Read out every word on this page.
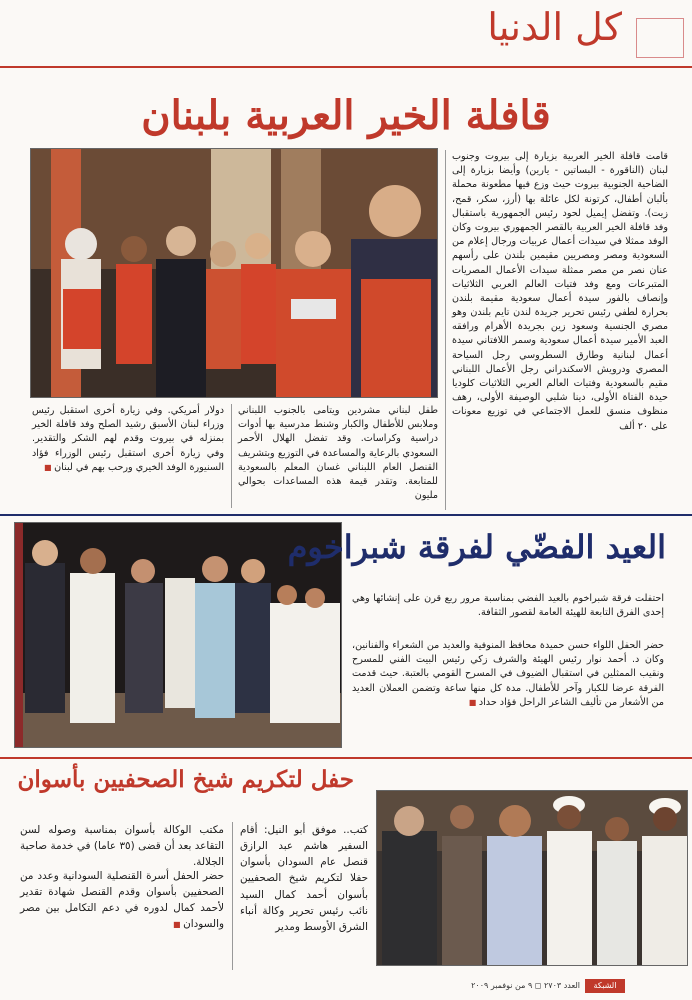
كل الدنيا
قافلة الخير العربية بلبنان
قامت قافلة الخير العربية بزيارة إلى بيروت وجنوب لبنان (الناقورة - البساتين - يارين) وأيضا بزيارة إلى الضاحية الجنوبية بيروت حيث وزع فيها مطعونة محملة بألبان أطفال، كرتونة لكل عائلة بها (أرز، سكر، قمح، زيت). وتفضل إيميل لحود رئيس الجمهورية باستقبال وفد قافلة الخير العربية بالقصر الجمهوري بيروت وكان الوفد ممثلا في سيدات أعمال عربيات ورجال إعلام من السعودية ومصر ومصريين مقيمين بلندن على رأسهم عنان نصر من مصر ممثلة سيدات الأعمال المصريات المتبرعات ومع وفد فتيات العالم العربي الثلاثيات وإنصاف بالفور سيدة أعمال سعودية مقيمة بلندن بحرارة لطفي رئيس تحرير جريدة لندن تايم بلندن وهو مصري الجنسية وسعود زين بجريدة الأهرام ورافقه العبد الأمير سيدة أعمال سعودية وسمر اللافتاني سيدة أعمال لبنانية وطارق السطروسي رجل السياحة المصري ودرويش الاسكندراني رجل الأعمال اللبناني مقيم بالسعودية وفتيات العالم العربي الثلاثيات كلوديا حيدة الفتاة الأولى، دينا شلبي الوصيفة الأولى، رهف منظوف منسق للعمل الاجتماعي في توزيع معونات على ٢٠ ألف
طفل لبناني مشردين ويتامى بالجنوب اللبناني وملابس للأطفال والكبار وشنط مدرسية بها أدوات دراسية وكراسات. وقد تفضل الهلال الأحمر السعودي بالرعاية والمساعدة في التوزيع وبتشريف القنصل العام اللبناني غسان المعلم بالسعودية للمتابعة. وتقدر قيمة هذه المساعدات بحوالي مليون
دولار أمريكي. وفي زيارة أخرى استقبل رئيس وزراء لبنان الأسبق رشيد الصلح وفد قافلة الخير بمنزله في بيروت وقدم لهم الشكر والتقدير. وفي زيارة أخرى استقبل رئيس الوزراء فؤاد السنيورة الوفد الخيري ورحب بهم في لبنان ■
العيد الفضّي لفرقة شبراخوم
احتفلت فرقة شبراخوم بالعيد الفضي بمناسبة مرور ربع قرن على إنشائها وهي إحدى الفرق التابعة للهيئة العامة لقصور الثقافة.
حضر الحفل اللواء حسن حميدة محافظ المنوفية والعديد من الشعراء والفنانين، وكان د. أحمد نوار رئيس الهيئة والشرف زكي رئيس البيت الفني للمسرح ونقيب الممثلين في استقبال الضيوف في المسرح القومي بالعتبة. حيث قدمت الفرقة عرضا للكبار وآخر للأطفال. مدة كل منها ساعة وتضمن العملان العديد من الأشعار من تأليف الشاعر الراحل فؤاد حداد ■
حفل لتكريم شيخ الصحفيين بأسوان
كتب.. موفق أبو النيل: أقام السفير هاشم عبد الرازق قنصل عام السودان بأسوان حفلا لتكريم شيخ الصحفيين بأسوان أحمد كمال السيد نائب رئيس تحرير وكالة أنباء الشرق الأوسط ومدير
مكتب الوكالة بأسوان بمناسبة وصوله لسن التقاعد بعد أن قضى (٣٥ عاما) في خدمة صاحبة الجلالة.
حضر الحفل أسرة القنصلية السودانية وعدد من الصحفيين بأسوان وقدم القنصل شهادة تقدير لأحمد كمال لدوره في دعم التكامل بين مصر والسودان ■
الشبكة
العدد ٢٧٠٣ ◻ ٩ من نوفمبر ٢٠٠٩
